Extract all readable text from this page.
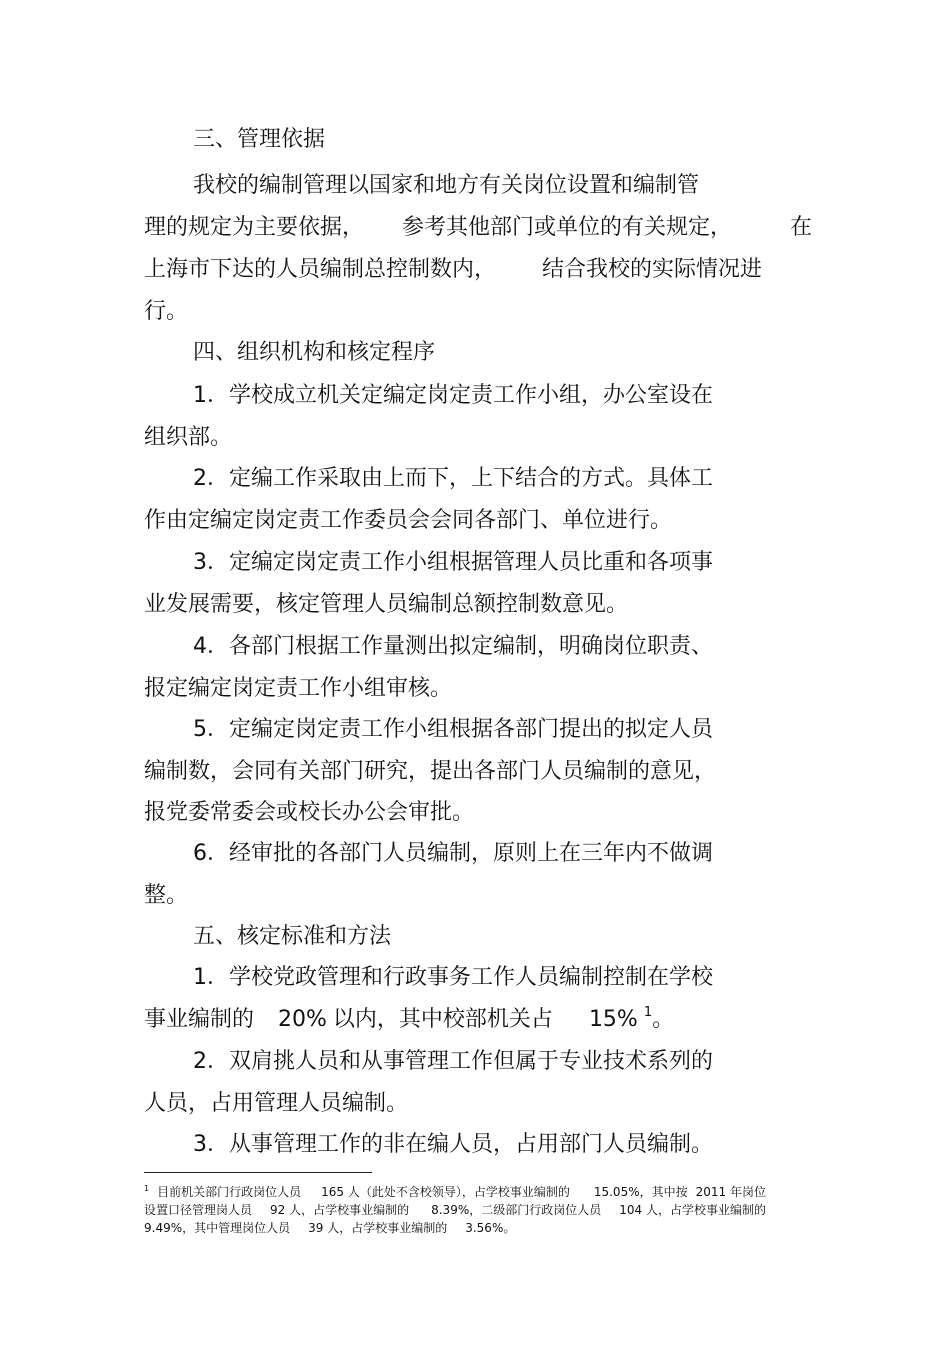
三、管理依据
我校的编制管理以国家和地方有关岗位设置和编制管
理的规定为主要依据， 参考其他部门或单位的有关规定，	在
上海市下达的人员编制总控制数内， 结合我校的实际情况进
行。
四、组织机构和核定程序
1．学校成立机关定编定岗定责工作小组，办公室设在
组织部。
2．定编工作采取由上而下，上下结合的方式。具体工
作由定编定岗定责工作委员会会同各部门、单位进行。
3．定编定岗定责工作小组根据管理人员比重和各项事
业发展需要，核定管理人员编制总额控制数意见。
4．各部门根据工作量测出拟定编制，明确岗位职责、
报定编定岗定责工作小组审核。
5．定编定岗定责工作小组根据各部门提出的拟定人员
编制数，会同有关部门研究，提出各部门人员编制的意见，
报党委常委会或校长办公会审批。
6．经审批的各部门人员编制，原则上在三年内不做调
整。
五、核定标准和方法
1．学校党政管理和行政事务工作人员编制控制在学校
事业编制的 20% 以内，其中校部机关占 15% $^1$。
2．双肩挑人员和从事管理工作但属于专业技术系列的
人员，占用管理人员编制。
3．从事管理工作的非在编人员，占用部门人员编制。
$^1$ 目前机关部门行政岗位人员 165 人（此处不含校领导），占学校事业编制的 15.05%，其中按 2011 年岗位
设置口径管理岗人员 92 人，占学校事业编制的 8.39%，二级部门行政岗位人员 104 人，占学校事业编制的
9.49%，其中管理岗位人员 39 人，占学校事业编制的 3.56%。
